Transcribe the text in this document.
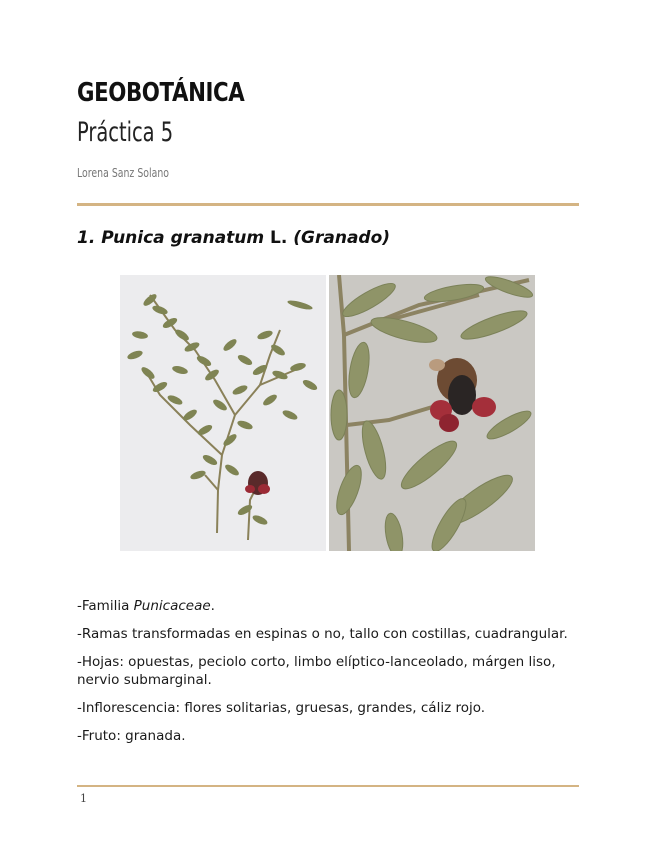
GEOBOTÁNICA
Práctica 5
Lorena Sanz Solano
1. Punica granatum L. (Granado)

-Familia Punicaceae.

-Ramas transformadas en espinas o no, tallo con costillas, cuadrangular.

-Hojas: opuestas, peciolo corto, limbo elíptico-lanceolado, márgen liso, nervio submarginal.

-Inflorescencia: flores solitarias, gruesas, grandes, cáliz rojo.

-Fruto: granada.

1
